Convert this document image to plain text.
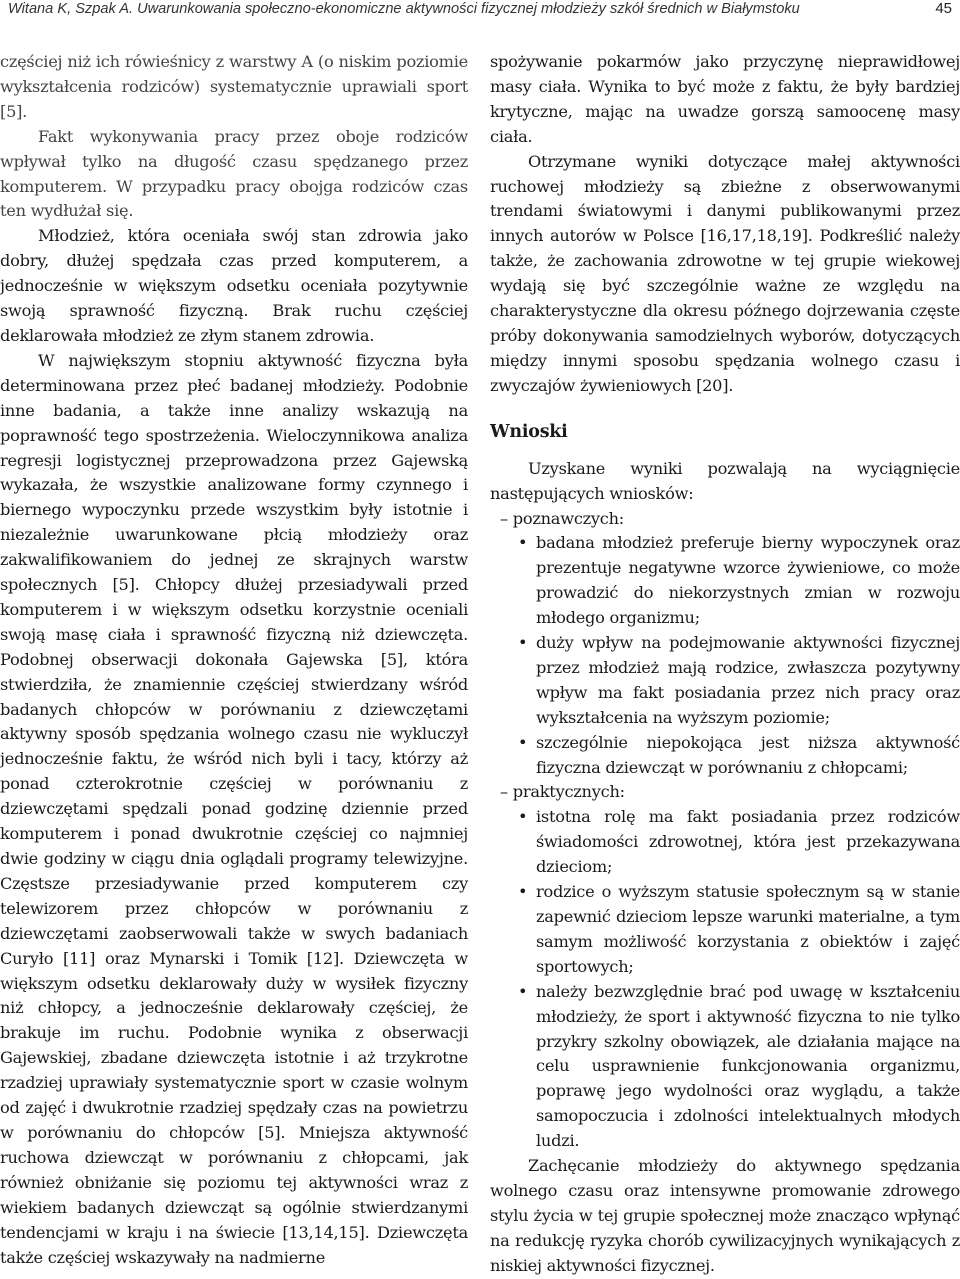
Witana K, Szpak A. Uwarunkowania społeczno-ekonomiczne aktywności fizycznej młodzieży szkół średnich w Białymstoku	45

częściej niż ich rówieśnicy z warstwy A (o niskim poziomie wykształcenia rodziców) systematycznie uprawiali sport [5].

Fakt wykonywania pracy przez oboje rodziców wpływał tylko na długość czasu spędzanego przez komputerem. W przypadku pracy obojga rodziców czas ten wydłużał się.

Młodzież, która oceniała swój stan zdrowia jako dobry, dłużej spędzała czas przed komputerem, a jednocześnie w większym odsetku oceniała pozytywnie swoją sprawność fizyczną. Brak ruchu częściej deklarowała młodzież ze złym stanem zdrowia.

W największym stopniu aktywność fizyczna była determinowana przez płeć badanej młodzieży. Podobnie inne badania, a także inne analizy wskazują na poprawność tego spostrzeżenia. Wieloczynnikowa analiza regresji logistycznej przeprowadzona przez Gajewską wykazała, że wszystkie analizowane formy czynnego i biernego wypoczynku przede wszystkim były istotnie i niezależnie uwarunkowane płcią młodzieży oraz zakwalifikowaniem do jednej ze skrajnych warstw społecznych [5]. Chłopcy dłużej przesiadywali przed komputerem i w większym odsetku korzystnie oceniali swoją masę ciała i sprawność fizyczną niż dziewczęta. Podobnej obserwacji dokonała Gajewska [5], która stwierdziła, że znamiennie częściej stwierdzany wśród badanych chłopców w porównaniu z dziewczętami aktywny sposób spędzania wolnego czasu nie wykluczył jednocześnie faktu, że wśród nich byli i tacy, którzy aż ponad czterokrotnie częściej w porównaniu z dziewczętami spędzali ponad godzinę dziennie przed komputerem i ponad dwukrotnie częściej co najmniej dwie godziny w ciągu dnia oglądali programy telewizyjne. Częstsze przesiadywanie przed komputerem czy telewizorem przez chłopców w porównaniu z dziewczętami zaobserwowali także w swych badaniach Curyło [11] oraz Mynarski i Tomik [12]. Dziewczęta w większym odsetku deklarowały duży w wysiłek fizyczny niż chłopcy, a jednocześnie deklarowały częściej, że brakuje im ruchu. Podobnie wynika z obserwacji Gajewskiej, zbadane dziewczęta istotnie i aż trzykrotne rzadziej uprawiały systematycznie sport w czasie wolnym od zajęć i dwukrotnie rzadziej spędzały czas na powietrzu w porównaniu do chłopców [5]. Mniejsza aktywność ruchowa dziewcząt w porównaniu z chłopcami, jak również obniżanie się poziomu tej aktywności wraz z wiekiem badanych dziewcząt są ogólnie stwierdzanymi tendencjami w kraju i na świecie [13,14,15]. Dziewczęta także częściej wskazywały na nadmierne

spożywanie pokarmów jako przyczynę nieprawidłowej masy ciała. Wynika to być może z faktu, że były bardziej krytyczne, mając na uwadze gorszą samoocenę masy ciała.

Otrzymane wyniki dotyczące małej aktywności ruchowej młodzieży są zbieżne z obserwowanymi trendami światowymi i danymi publikowanymi przez innych autorów w Polsce [16,17,18,19]. Podkreślić należy także, że zachowania zdrowotne w tej grupie wiekowej wydają się być szczególnie ważne ze względu na charakterystyczne dla okresu późnego dojrzewania częste próby dokonywania samodzielnych wyborów, dotyczących między innymi sposobu spędzania wolnego czasu i zwyczajów żywieniowych [20].

Wnioski

Uzyskane wyniki pozwalają na wyciągnięcie następujących wniosków:

– poznawczych:
• badana młodzież preferuje bierny wypoczynek oraz prezentuje negatywne wzorce żywieniowe, co może prowadzić do niekorzystnych zmian w rozwoju młodego organizmu;
• duży wpływ na podejmowanie aktywności fizycznej przez młodzież mają rodzice, zwłaszcza pozytywny wpływ ma fakt posiadania przez nich pracy oraz wykształcenia na wyższym poziomie;
• szczególnie niepokojąca jest niższa aktywność fizyczna dziewcząt w porównaniu z chłopcami;
– praktycznych:
• istotna rolę ma fakt posiadania przez rodziców świadomości zdrowotnej, która jest przekazywana dzieciom;
• rodzice o wyższym statusie społecznym są w stanie zapewnić dzieciom lepsze warunki materialne, a tym samym możliwość korzystania z obiektów i zajęć sportowych;
• należy bezwzględnie brać pod uwagę w kształceniu młodzieży, że sport i aktywność fizyczna to nie tylko przykry szkolny obowiązek, ale działania mające na celu usprawnienie funkcjonowania organizmu, poprawę jego wydolności oraz wyglądu, a także samopoczucia i zdolności intelektualnych młodych ludzi.

Zachęcanie młodzieży do aktywnego spędzania wolnego czasu oraz intensywne promowanie zdrowego stylu życia w tej grupie społecznej może znacząco wpłynąć na redukcję ryzyka chorób cywilizacyjnych wynikających z niskiej aktywności fizycznej.
